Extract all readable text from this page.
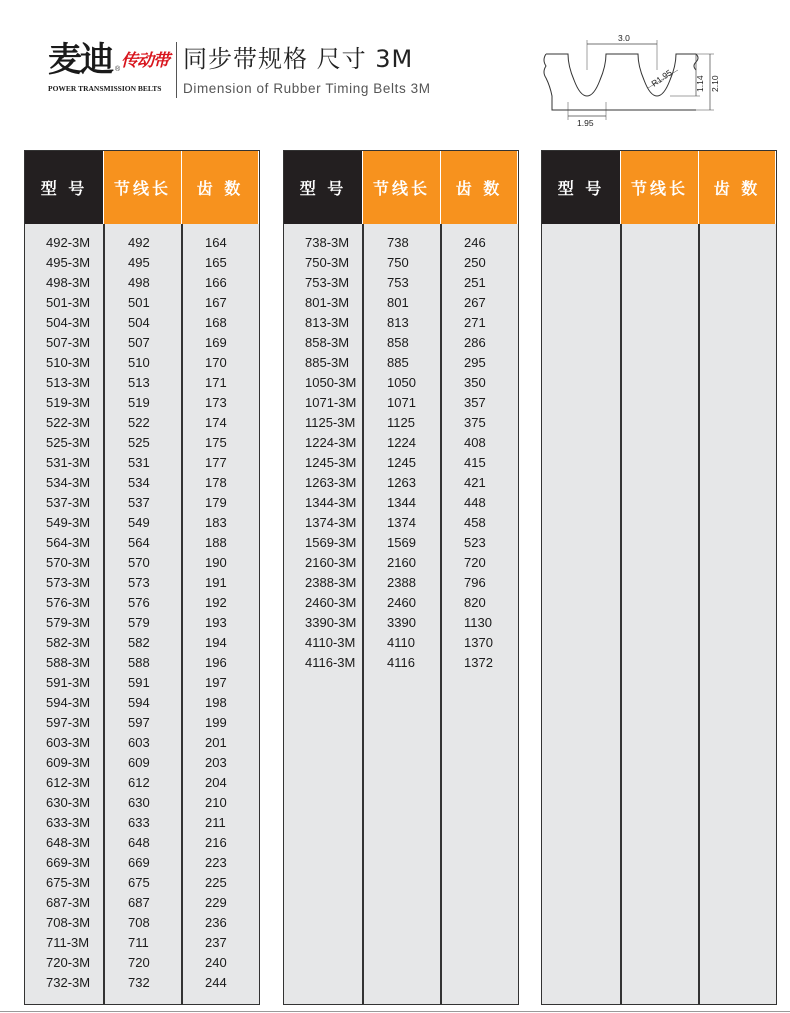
麦迪 ® 传动带
POWER TRANSMISSION BELTS
同步带规格 尺寸 3M
Dimension of Rubber Timing Belts 3M
3.0
R1.95	1.14 2.10
1.95
型 号	节线长	齿 数
492-3M	492	164
495-3M	495	165
498-3M	498	166
501-3M	501	167
504-3M	504	168
507-3M	507	169
510-3M	510	170
513-3M	513	171
519-3M	519	173
522-3M	522	174
525-3M	525	175
531-3M	531	177
534-3M	534	178
537-3M	537	179
549-3M	549	183
564-3M	564	188
570-3M	570	190
573-3M	573	191
576-3M	576	192
579-3M	579	193
582-3M	582	194
588-3M	588	196
591-3M	591	197
594-3M	594	198
597-3M	597	199
603-3M	603	201
609-3M	609	203
612-3M	612	204
630-3M	630	210
633-3M	633	211
648-3M	648	216
669-3M	669	223
675-3M	675	225
687-3M	687	229
708-3M	708	236
711-3M	711	237
720-3M	720	240
732-3M	732	244
型 号	节线长	齿 数
738-3M	738	246
750-3M	750	250
753-3M	753	251
801-3M	801	267
813-3M	813	271
858-3M	858	286
885-3M	885	295
1050-3M	1050	350
1071-3M	1071	357
1125-3M	1125	375
1224-3M	1224	408
1245-3M	1245	415
1263-3M	1263	421
1344-3M	1344	448
1374-3M	1374	458
1569-3M	1569	523
2160-3M	2160	720
2388-3M	2388	796
2460-3M	2460	820
3390-3M	3390	1130
4110-3M	4110	1370
4116-3M	4116	1372
型 号	节线长	齿 数
